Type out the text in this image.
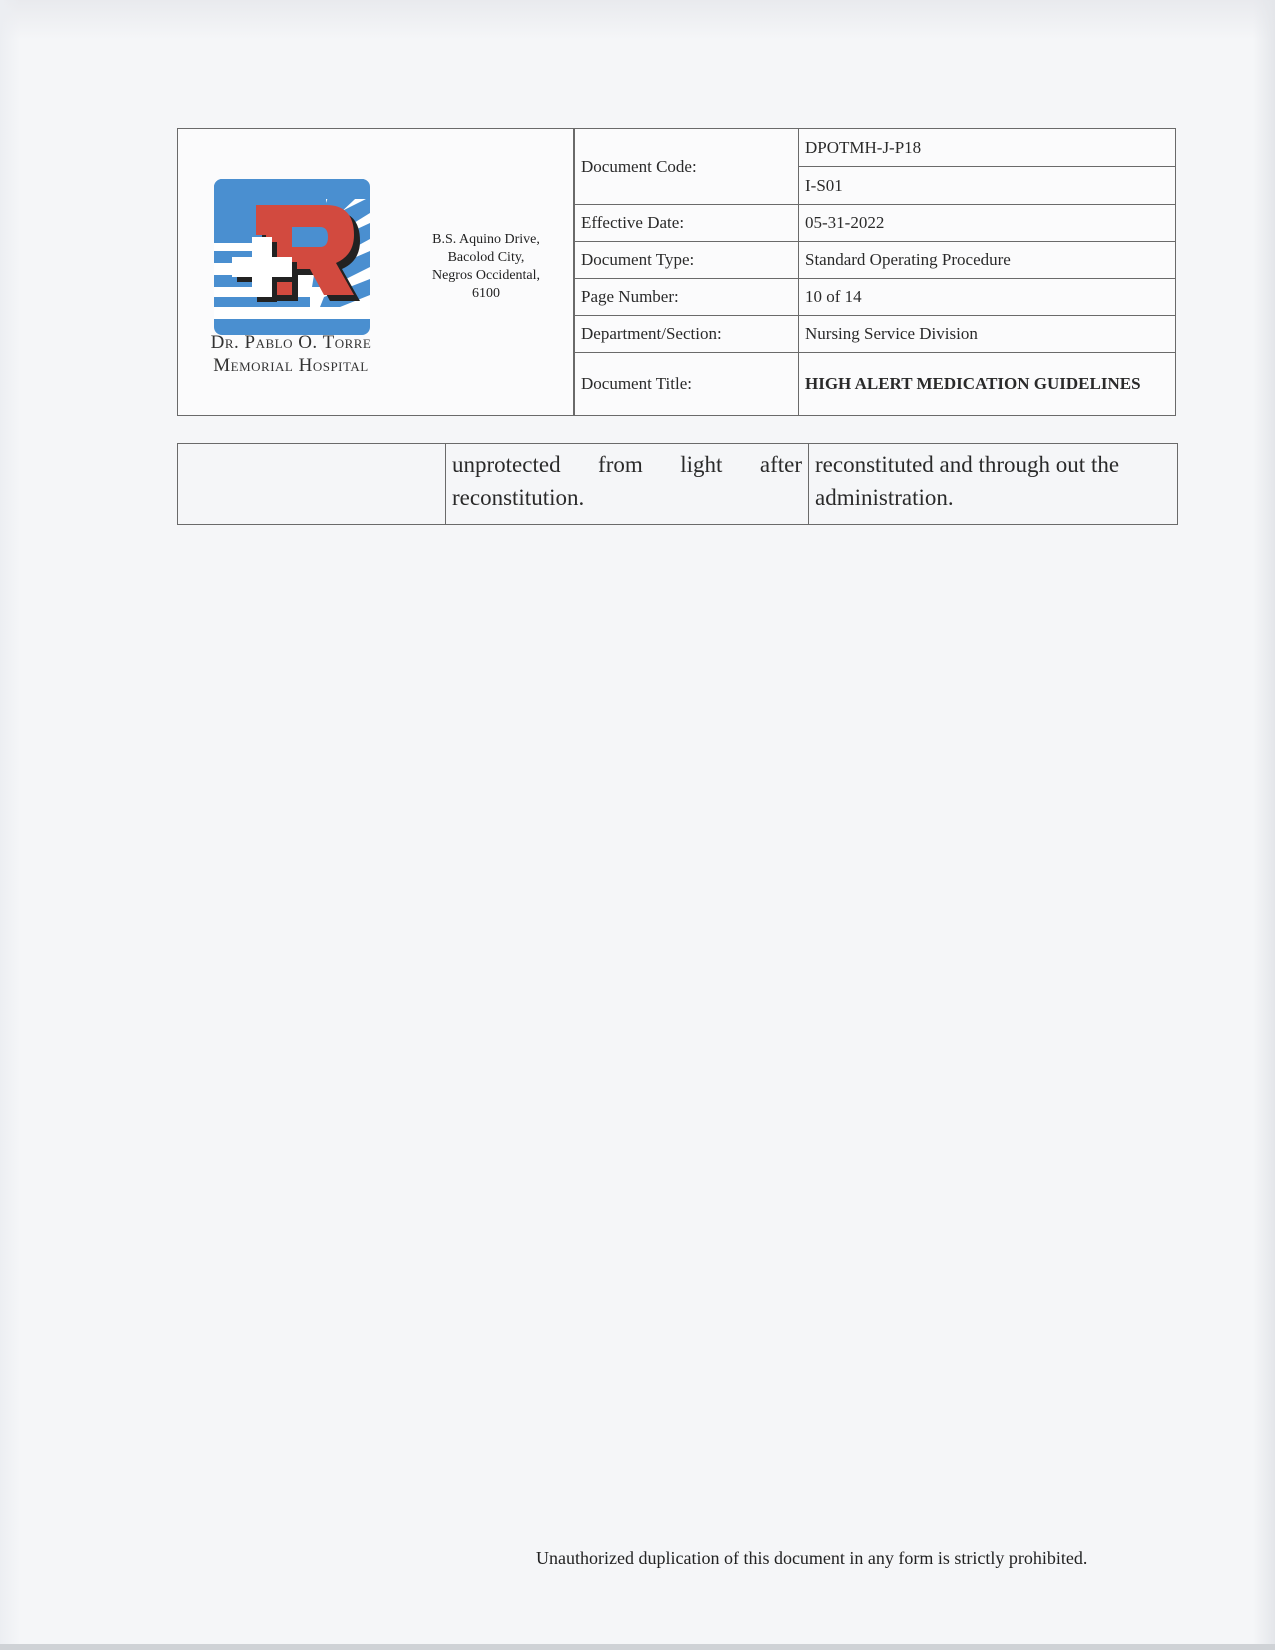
Dr. Pablo O. Torre Memorial Hospital
B.S. Aquino Drive,
Bacolod City,
Negros Occidental,
6100
Document Code:	DPOTMH-J-P18
	I-S01
Effective Date:	05-31-2022
Document Type:	Standard Operating Procedure
Page Number:	10 of 14
Department/Section:	Nursing Service Division
Document Title:	HIGH ALERT MEDICATION GUIDELINES
	unprotected from light after reconstitution.	reconstituted and through out the administration.
Unauthorized duplication of this document in any form is strictly prohibited.
